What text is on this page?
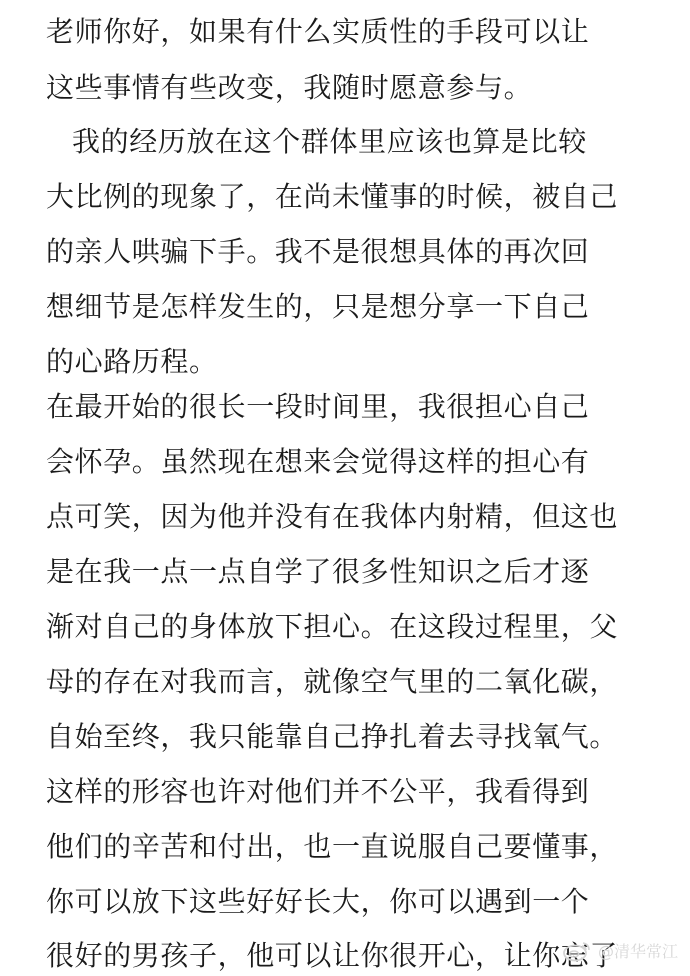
老师你好，如果有什么实质性的手段可以让
这些事情有些改变，我随时愿意参与。
我的经历放在这个群体里应该也算是比较
大比例的现象了，在尚未懂事的时候，被自己
的亲人哄骗下手。我不是很想具体的再次回
想细节是怎样发生的，只是想分享一下自己
的心路历程。
在最开始的很长一段时间里，我很担心自己
会怀孕。虽然现在想来会觉得这样的担心有
点可笑，因为他并没有在我体内射精，但这也
是在我一点一点自学了很多性知识之后才逐
渐对自己的身体放下担心。在这段过程里，父
母的存在对我而言，就像空气里的二氧化碳，
自始至终，我只能靠自己挣扎着去寻找氧气。
这样的形容也许对他们并不公平，我看得到
他们的辛苦和付出，也一直说服自己要懂事，
你可以放下这些好好长大，你可以遇到一个
很好的男孩子，他可以让你很开心，让你忘了
@清华常江
